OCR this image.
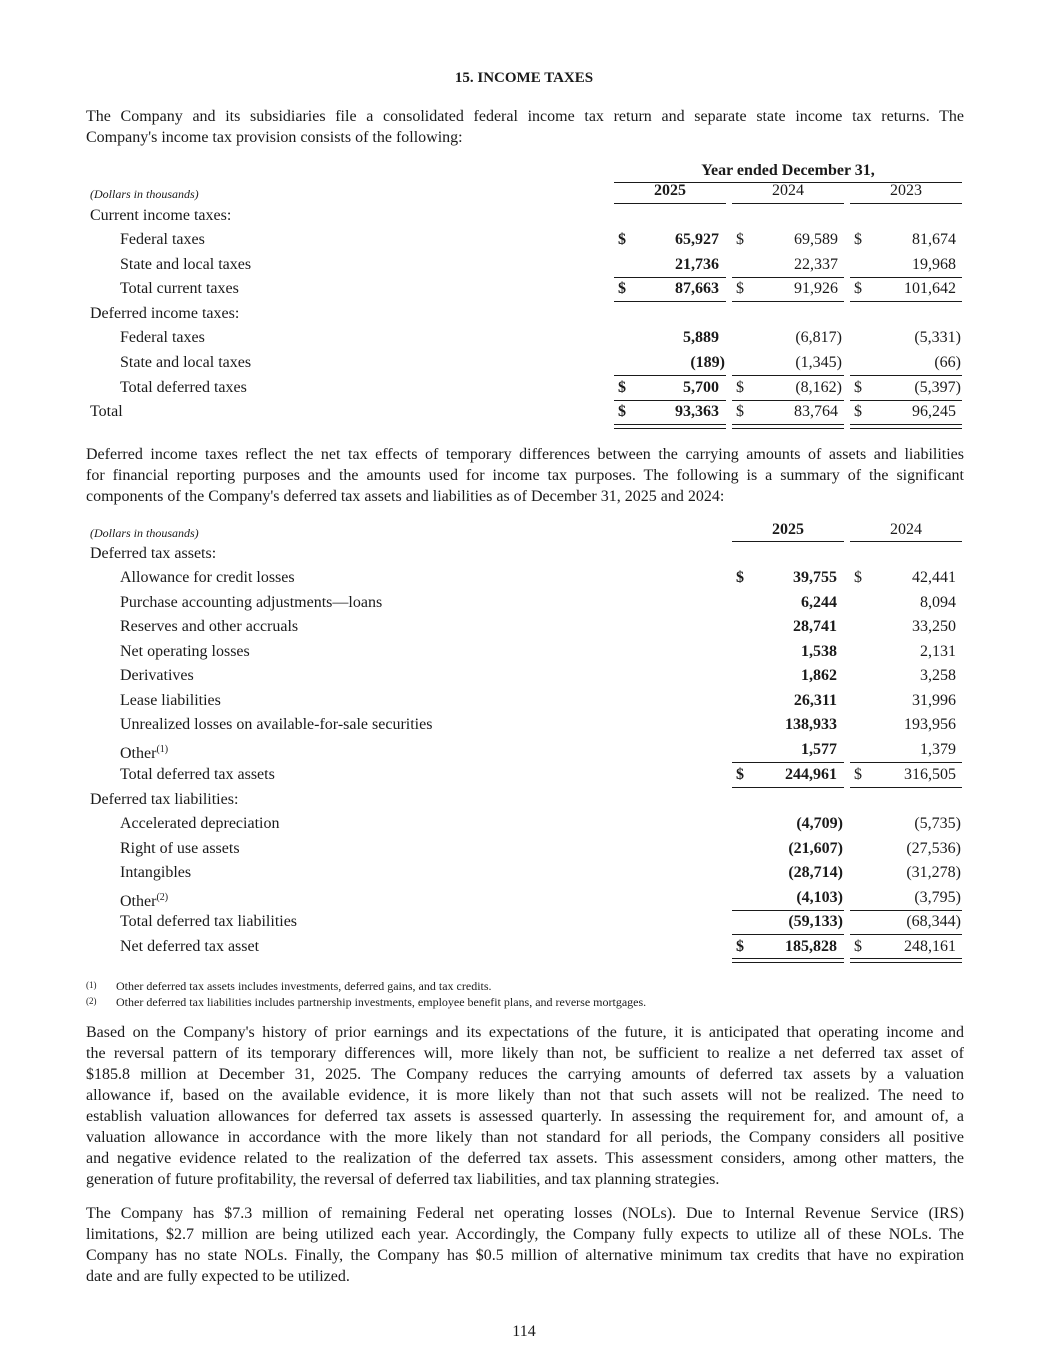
15. INCOME TAXES
The Company and its subsidiaries file a consolidated federal income tax return and separate state income tax returns. The
Company's income tax provision consists of the following:
Year ended December 31,
(Dollars in thousands)	2025	2024	2023
Current income taxes:
Federal taxes	$	65,927 $	69,589 $	81,674
State and local taxes	21,736	22,337	19,968
Total current taxes	$	87,663 $	91,926 $	101,642
Deferred income taxes:
Federal taxes	5,889	(6,817)	(5,331)
State and local taxes	(189)	(1,345)	(66)
Total deferred taxes	$	5,700 $	(8,162) $	(5,397)
Total	$	93,363 $	83,764 $	96,245
Deferred income taxes reflect the net tax effects of temporary differences between the carrying amounts of assets and liabilities
for financial reporting purposes and the amounts used for income tax purposes. The following is a summary of the significant
components of the Company's deferred tax assets and liabilities as of December 31, 2025 and 2024:
(Dollars in thousands)	2025	2024
Deferred tax assets:
Allowance for credit losses	$	39,755 $	42,441
Purchase accounting adjustments—loans	6,244	8,094
Reserves and other accruals	28,741	33,250
Net operating losses	1,538	2,131
Derivatives	1,862	3,258
Lease liabilities	26,311	31,996
Unrealized losses on available-for-sale securities	138,933	193,956
Other$^{(1)}$	1,577	1,379
Total deferred tax assets	$	244,961 $	316,505
Deferred tax liabilities:
Accelerated depreciation	(4,709)	(5,735)
Right of use assets	(21,607)	(27,536)
Intangibles	(28,714)	(31,278)
Other$^{(2)}$	(4,103)	(3,795)
Total deferred tax liabilities	(59,133)	(68,344)
Net deferred tax asset	$	185,828 $	248,161
(1) Other deferred tax assets includes investments, deferred gains, and tax credits.
(2) Other deferred tax liabilities includes partnership investments, employee benefit plans, and reverse mortgages.
Based on the Company's history of prior earnings and its expectations of the future, it is anticipated that operating income and
the reversal pattern of its temporary differences will, more likely than not, be sufficient to realize a net deferred tax asset of
$185.8 million at December 31, 2025. The Company reduces the carrying amounts of deferred tax assets by a valuation
allowance if, based on the available evidence, it is more likely than not that such assets will not be realized. The need to
establish valuation allowances for deferred tax assets is assessed quarterly. In assessing the requirement for, and amount of, a
valuation allowance in accordance with the more likely than not standard for all periods, the Company considers all positive
and negative evidence related to the realization of the deferred tax assets. This assessment considers, among other matters, the
generation of future profitability, the reversal of deferred tax liabilities, and tax planning strategies.
The Company has $7.3 million of remaining Federal net operating losses (NOLs). Due to Internal Revenue Service (IRS)
limitations, $2.7 million are being utilized each year. Accordingly, the Company fully expects to utilize all of these NOLs. The
Company has no state NOLs. Finally, the Company has $0.5 million of alternative minimum tax credits that have no expiration
date and are fully expected to be utilized.
114
